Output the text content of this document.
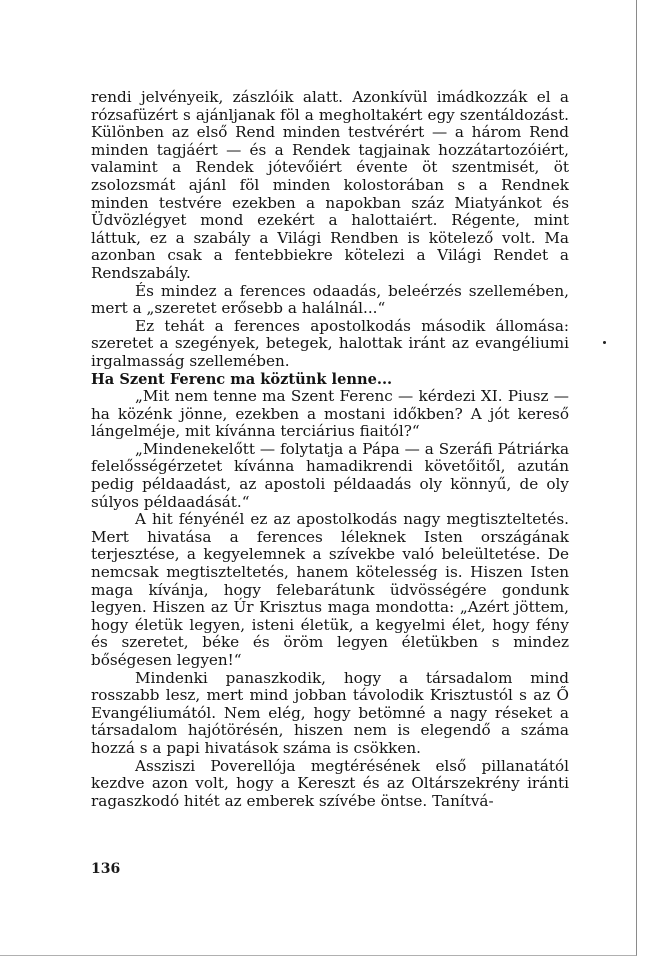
rendi jelvényeik, zászlóik alatt. Azonkívül imádkozzák el a rózsafüzért s ajánljanak föl a megholtakért egy szentáldozást. Különben az első Rend minden testvérért — a három Rend minden tagjáért — és a Rendek tagjainak hozzátartozóiért, valamint a Rendek jótevőiért évente öt szentmisét, öt zsolozsmát ajánl föl minden kolostorában s a Rendnek minden testvére ezekben a napokban száz Miatyánkot és Üdvözlégyet mond ezekért a halottaiért. Régente, mint láttuk, ez a szabály a Világi Rendben is kötelező volt. Ma azonban csak a fentebbiekre kötelezi a Világi Rendet a Rendszabály.

És mindez a ferences odaadás, beleérzés szellemében, mert a „szeretet erősebb a halálnál...“

Ez tehát a ferences apostolkodás második állomása: szeretet a szegények, betegek, halottak iránt az evangéliumi irgalmasság szellemében.

Ha Szent Ferenc ma köztünk lenne...

„Mit nem tenne ma Szent Ferenc — kérdezi XI. Piusz — ha közénk jönne, ezekben a mostani időkben? A jót kereső lángelméje, mit kívánna terciárius fiaitól?“

„Mindenekelőtt — folytatja a Pápa — a Szeráfi Pátriárka felelősségérzetet kívánna hamadikrendi követőitől, azután pedig példaadást, az apostoli példaadás oly könnyű, de oly súlyos példaadását.“

A hit fényénél ez az apostolkodás nagy megtiszteltetés. Mert hivatása a ferences léleknek Isten országának terjesztése, a kegyelemnek a szívekbe való beleültetése. De nemcsak megtiszteltetés, hanem kötelesség is. Hiszen Isten maga kívánja, hogy felebarátunk üdvösségére gondunk legyen. Hiszen az Úr Krisztus maga mondotta: „Azért jöttem, hogy életük legyen, isteni életük, a kegyelmi élet, hogy fény és szeretet, béke és öröm legyen életükben s mindez bőségesen legyen!“

Mindenki panaszkodik, hogy a társadalom mind rosszabb lesz, mert mind jobban távolodik Krisztustól s az Ő Evangéliumától. Nem elég, hogy betömné a nagy réseket a társadalom hajótörésén, hiszen nem is elegendő a száma hozzá s a papi hivatások száma is csökken.

Assziszi Poverellója megtérésének első pillanatától kezdve azon volt, hogy a Kereszt és az Oltárszekrény iránti ragaszkodó hitét az emberek szívébe öntse. Tanítvá-

136
